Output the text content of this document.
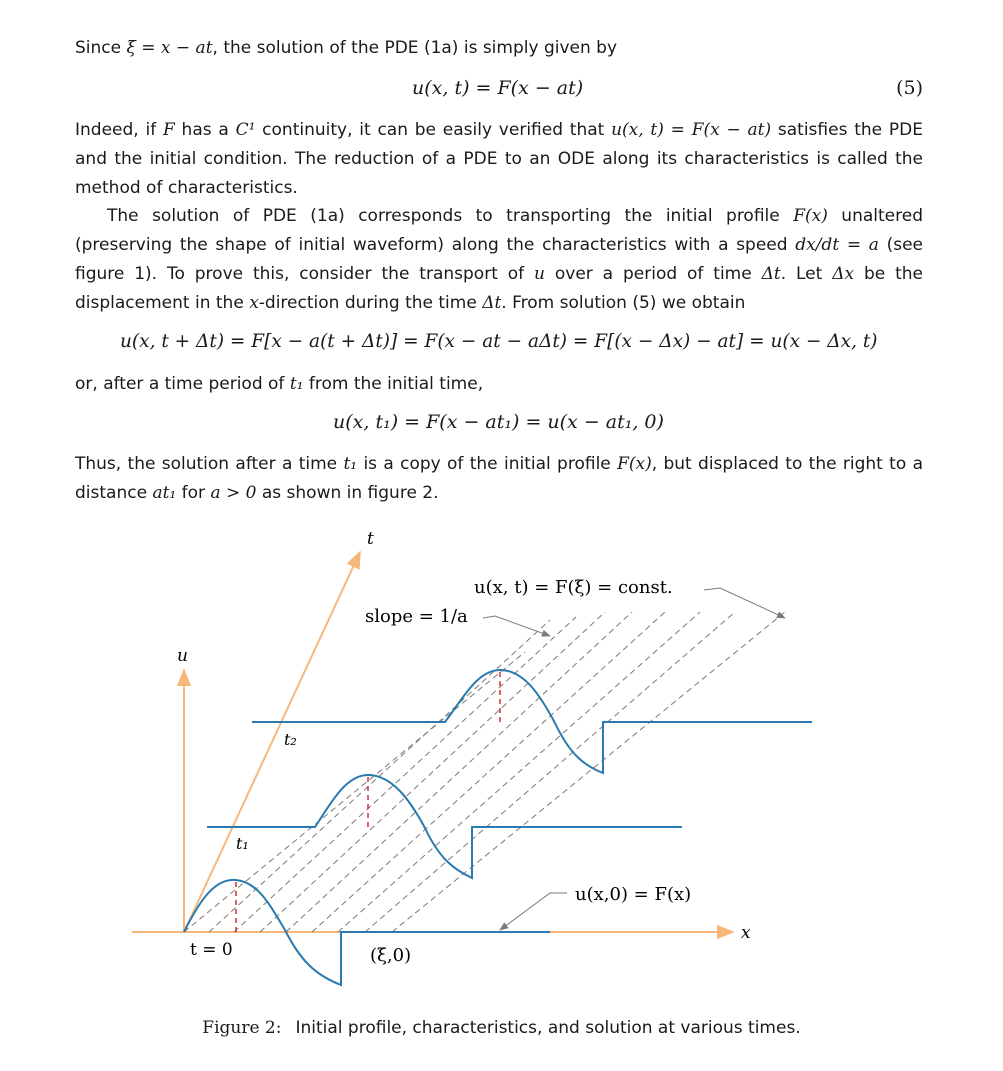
Since ξ = x − at, the solution of the PDE (1a) is simply given by

u(x, t) = F(x − at)	(5)

Indeed, if F has a C¹ continuity, it can be easily verified that u(x, t) = F(x − at) satisfies the PDE and the initial condition. The reduction of a PDE to an ODE along its characteristics is called the method of characteristics.

The solution of PDE (1a) corresponds to transporting the initial profile F(x) unaltered (preserving the shape of initial waveform) along the characteristics with a speed dx/dt = a (see figure 1). To prove this, consider the transport of u over a period of time Δt. Let Δx be the displacement in the x-direction during the time Δt. From solution (5) we obtain

u(x, t + Δt) = F[x − a(t + Δt)] = F(x − at − aΔt) = F[(x − Δx) − at] = u(x − Δx, t)

or, after a time period of t₁ from the initial time,

u(x, t₁) = F(x − at₁) = u(x − at₁, 0)

Thus, the solution after a time t₁ is a copy of the initial profile F(x), but displaced to the right to a distance at₁ for a > 0 as shown in figure 2.

t
u
x
u(x, t) = F(ξ) = const.
slope = 1/a
t₂
t₁
u(x,0) = F(x)
t = 0	(ξ,0)
Figure 2: Initial profile, characteristics, and solution at various times.
